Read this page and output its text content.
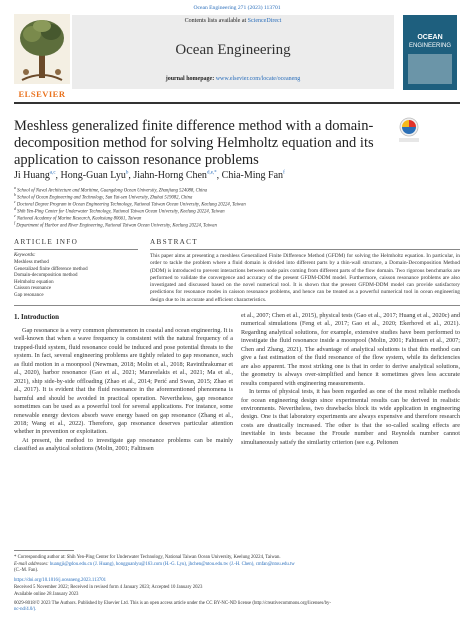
Ocean Engineering 271 (2023) 113701
Contents lists available at ScienceDirect
Ocean Engineering
journal homepage: www.elsevier.com/locate/oceaneng
ELSEVIER
OCEAN
ENGINEERING
Meshless generalized finite difference method with a domain-decomposition method for solving Helmholtz equation and its application to caisson resonance problems
Ji Huang$^{a,c}$, Hong-Guan Lyu$^b$, Jiahn-Horng Chen$^{d,e,*}$, Chia-Ming Fan$^f$
$^a$ School of Naval Architecture and Maritime, Guangdong Ocean University, Zhanjiang 524088, China
$^b$ School of Ocean Engineering and Technology, Sun Yat-sen University, Zhuhai 519082, China
$^c$ Doctoral Degree Program in Ocean Engineering Technology, National Taiwan Ocean University, Keelung 20224, Taiwan
$^d$ Shih Yen-Ping Center for Underwater Technology, National Taiwan Ocean University, Keelung 20224, Taiwan
$^e$ National Academy of Marine Research, Kaohsiung 80661, Taiwan
$^f$ Department of Harbor and River Engineering, National Taiwan Ocean University, Keelung 20224, Taiwan
ARTICLE INFO	ABSTRACT
Keywords:
Meshless method
Generalized finite difference method
Domain-decomposition method
Helmholtz equation
Caisson resonance
Gap resonance

This paper aims at presenting a meshless Generalized Finite Difference Method (GFDM) for solving the Helmholtz equation. In particular, in order to tackle the problem where a fluid domain is divided into different parts by a thin-wall structure, a Domain-Decomposition Method (DDM) is introduced to prevent interactions between node pairs coming from different parts of the flow domain. Two rigorous benchmarks are performed to validate the convergence and accuracy of the present GFDM-DDM model. Furthermore, caisson resonance problems are also investigated and discussed based on the novel numerical tool. It is shown that the present GFDM-DDM model can provide satisfactory predictions for resonance modes in caisson resonance problems, and hence can be treated as a powerful numerical tool in ocean engineering design due to its accurate and efficient characteristics.

1. Introduction

Gap resonance is a very common phenomenon in coastal and ocean engineering. It is well-known that when a wave frequency is consistent with the natural frequency of a trapped-fluid system, fluid resonance could be induced and pose potential threats to the system. In fact, several engineering problems are tightly related to gap resonance, such as fluid motion in a moonpool (Newman, 2018; Molin et al., 2018; Ravinthrakumar et al., 2020), harbor resonance (Gao et al., 2021; Maravelakis et al., 2021; Ma et al., 2021), ship side-by-side offloading (Zhao et al., 2014; Perić and Swan, 2015; Zhao et al., 2017). It is evident that the fluid resonance in the aforementioned phenomena is harmful and should be avoided in practical operation. Nevertheless, gap resonance sometimes can be used as a powerful tool for several applications. For instance, some renewable energy devices absorb wave energy based on gap resonance (Zhang et al., 2018; Wang et al., 2022). Therefore, gap resonance deserves particular attention whether in prevention or exploitation.

At present, the method to investigate gap resonance problems can be mainly classified as analytical solutions (Molin, 2001; Faltinsen

et al., 2007; Chen et al., 2015), physical tests (Gao et al., 2017; Huang et al., 2020c) and numerical simulations (Feng et al., 2017; Gao et al., 2020; Ekerhovd et al., 2021). Regarding analytical solutions, for example, extensive studies have been performed to investigate the fluid resonance inside a moonpool (Molin, 2001; Faltinsen et al., 2007; Chen and Zhang, 2021). The advantage of analytical solutions is that this method can give a fast estimation of the fluid resonance of the flow system, while its deficiencies are also apparent. The most striking one is that in order to derive analytical solutions, the geometry is always over-simplified and hence it sometimes gives less accurate results compared with engineering measurements.

In terms of physical tests, it has been regarded as one of the most reliable methods for ocean engineering design since experimental results can be derived in realistic environments. Nevertheless, two drawbacks block its wide application in engineering design. One is that laboratory experiments are always expensive and therefore research costs are drastically increased. The other is that the so-called scaling effects are inevitable in tests because the Froude number and Reynolds number cannot simultaneously satisfy the similarity criterion (see e.g. Peltonen

* Corresponding author at: Shih Yen-Ping Center for Underwater Technology, National Taiwan Ocean University, Keelung 20224, Taiwan.
E-mail addresses: huangji@gdou.edu.cn (J. Huang), hongguanlyu@163.com (H.-G. Lyu), jhchen@ntou.edu.tw (J.-H. Chen), cmfan@ntou.edu.tw
(C.-M. Fan).
https://doi.org/10.1016/j.oceaneng.2023.113701
Received 5 November 2022; Received in revised form 4 January 2023; Accepted 10 January 2023
Available online 28 January 2023
0029-8018/© 2023 The Authors. Published by Elsevier Ltd. This is an open access article under the CC BY-NC-ND license (http://creativecommons.org/licenses/by-
nc-nd/4.0/).
